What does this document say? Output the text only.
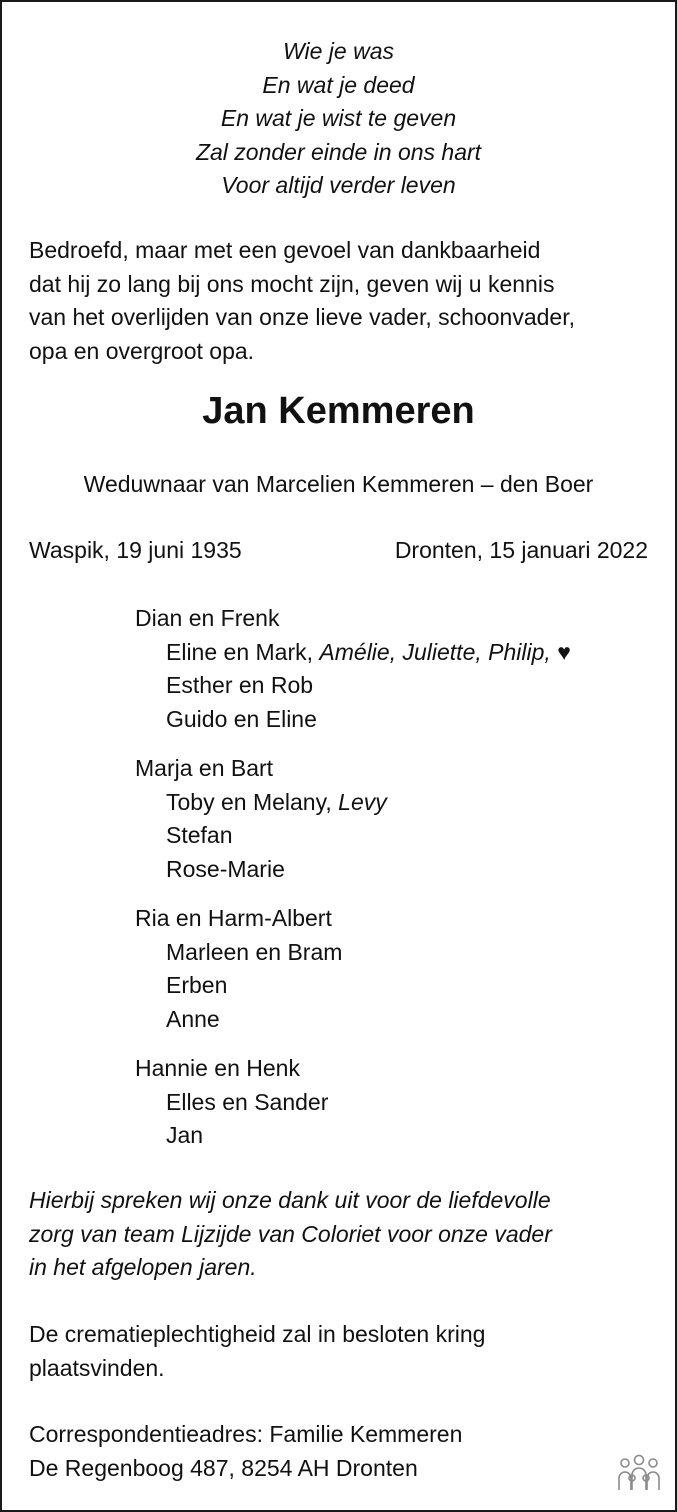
Wie je was
En wat je deed
En wat je wist te geven
Zal zonder einde in ons hart
Voor altijd verder leven
Bedroefd, maar met een gevoel van dankbaarheid
dat hij zo lang bij ons mocht zijn, geven wij u kennis
van het overlijden van onze lieve vader, schoonvader,
opa en overgroot opa.
Jan Kemmeren
Weduwnaar van Marcelien Kemmeren – den Boer
Waspik, 19 juni 1935	Dronten, 15 januari 2022
Dian en Frenk
Eline en Mark, Amélie, Juliette, Philip, ♥
Esther en Rob
Guido en Eline
Marja en Bart
Toby en Melany, Levy
Stefan
Rose-Marie
Ria en Harm-Albert
Marleen en Bram
Erben
Anne
Hannie en Henk
Elles en Sander
Jan
Hierbij spreken wij onze dank uit voor de liefdevolle
zorg van team Lijzijde van Coloriet voor onze vader
in het afgelopen jaren.
De crematieplechtigheid zal in besloten kring
plaatsvinden.
Correspondentieadres: Familie Kemmeren
De Regenboog 487, 8254 AH Dronten
